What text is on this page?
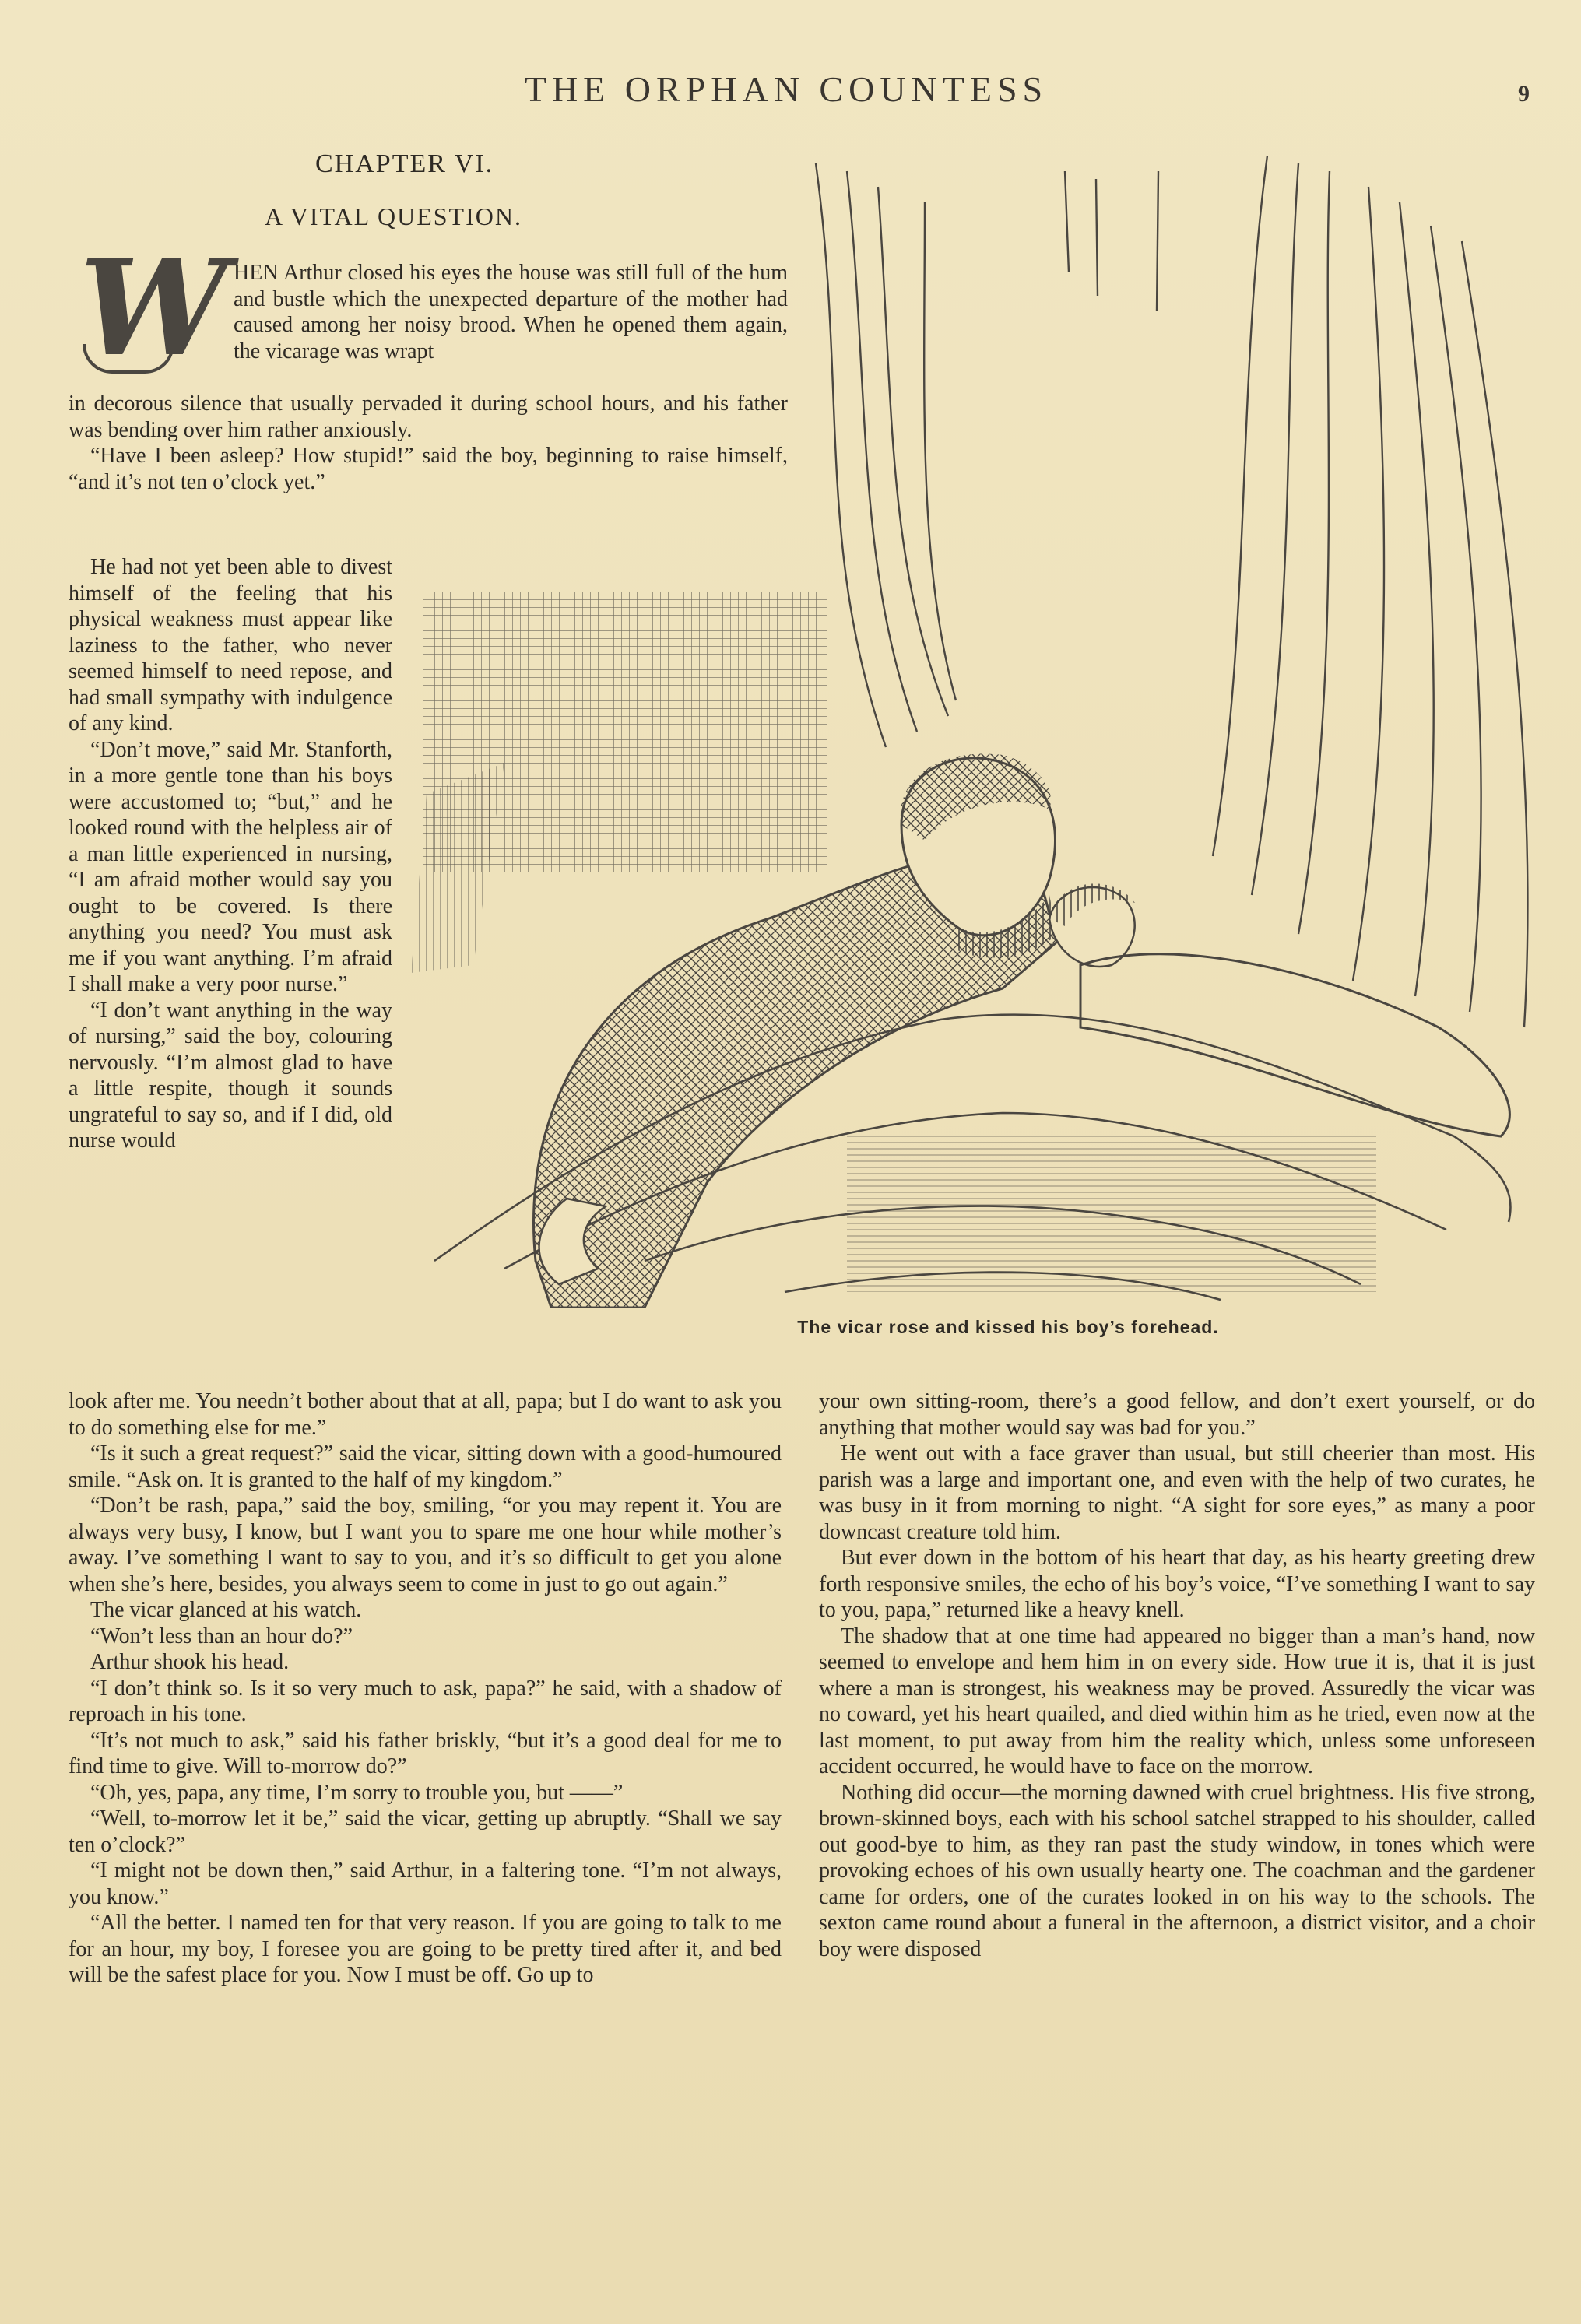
THE ORPHAN COUNTESS	9
CHAPTER VI.
A VITAL QUESTION.
W HEN Arthur closed his eyes the house was still full of the hum and bustle which the unexpected departure of the mother had caused among her noisy brood. When he opened them again, the vicarage was wrapt

in decorous silence that usually pervaded it during school hours, and his father was bending over him rather anxiously.

“Have I been asleep? How stupid!” said the boy, beginning to raise himself, “and it’s not ten o’clock yet.”

He had not yet been able to divest himself of the feeling that his physical weakness must appear like laziness to the father, who never seemed himself to need repose, and had small sympathy with indulgence of any kind.

“Don’t move,” said Mr. Stanforth, in a more gentle tone than his boys were accustomed to; “but,” and he looked round with the helpless air of a man little experienced in nursing, “I am afraid mother would say you ought to be covered. Is there anything you need? You must ask me if you want anything. I’m afraid I shall make a very poor nurse.”

“I don’t want anything in the way of nursing,” said the boy, colouring nervously. “I’m almost glad to have a little respite, though it sounds ungrateful to say so, and if I did, old nurse would

The vicar rose and kissed his boy’s forehead.

look after me. You needn’t bother about that at all, papa; but I do want to ask you to do something else for me.”

“Is it such a great request?” said the vicar, sitting down with a good-humoured smile. “Ask on. It is granted to the half of my kingdom.”

“Don’t be rash, papa,” said the boy, smiling, “or you may repent it. You are always very busy, I know, but I want you to spare me one hour while mother’s away. I’ve something I want to say to you, and it’s so difficult to get you alone when she’s here, besides, you always seem to come in just to go out again.”

The vicar glanced at his watch.

“Won’t less than an hour do?”

Arthur shook his head.

“I don’t think so. Is it so very much to ask, papa?” he said, with a shadow of reproach in his tone.

“It’s not much to ask,” said his father briskly, “but it’s a good deal for me to find time to give. Will to-morrow do?”

“Oh, yes, papa, any time, I’m sorry to trouble you, but ——”

“Well, to-morrow let it be,” said the vicar, getting up abruptly. “Shall we say ten o’clock?”

“I might not be down then,” said Arthur, in a faltering tone. “I’m not always, you know.”

“All the better. I named ten for that very reason. If you are going to talk to me for an hour, my boy, I foresee you are going to be pretty tired after it, and bed will be the safest place for you. Now I must be off. Go up to

your own sitting-room, there’s a good fellow, and don’t exert yourself, or do anything that mother would say was bad for you.”

He went out with a face graver than usual, but still cheerier than most. His parish was a large and important one, and even with the help of two curates, he was busy in it from morning to night. “A sight for sore eyes,” as many a poor downcast creature told him.

But ever down in the bottom of his heart that day, as his hearty greeting drew forth responsive smiles, the echo of his boy’s voice, “I’ve something I want to say to you, papa,” returned like a heavy knell.

The shadow that at one time had appeared no bigger than a man’s hand, now seemed to envelope and hem him in on every side. How true it is, that it is just where a man is strongest, his weakness may be proved. Assuredly the vicar was no coward, yet his heart quailed, and died within him as he tried, even now at the last moment, to put away from him the reality which, unless some unforeseen accident occurred, he would have to face on the morrow.

Nothing did occur—the morning dawned with cruel brightness. His five strong, brown-skinned boys, each with his school satchel strapped to his shoulder, called out good-bye to him, as they ran past the study window, in tones which were provoking echoes of his own usually hearty one. The coachman and the gardener came for orders, one of the curates looked in on his way to the schools. The sexton came round about a funeral in the afternoon, a district visitor, and a choir boy were disposed
